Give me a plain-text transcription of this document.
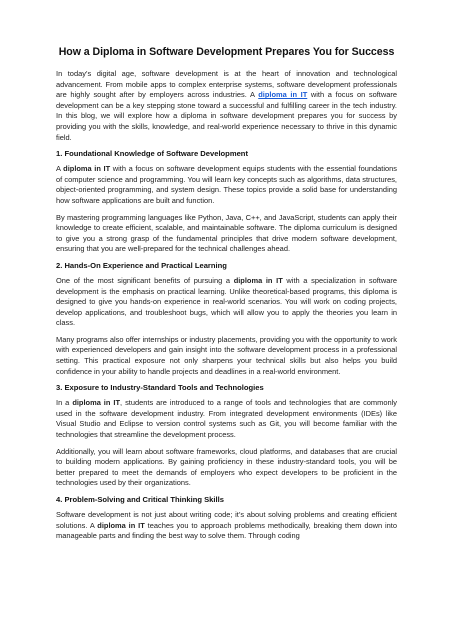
How a Diploma in Software Development Prepares You for Success

In today’s digital age, software development is at the heart of innovation and technological advancement. From mobile apps to complex enterprise systems, software development professionals are highly sought after by employers across industries. A diploma in IT with a focus on software development can be a key stepping stone toward a successful and fulfilling career in the tech industry. In this blog, we will explore how a diploma in software development prepares you for success by providing you with the skills, knowledge, and real-world experience necessary to thrive in this dynamic field.

1. Foundational Knowledge of Software Development

A diploma in IT with a focus on software development equips students with the essential foundations of computer science and programming. You will learn key concepts such as algorithms, data structures, object-oriented programming, and system design. These topics provide a solid base for understanding how software applications are built and function.

By mastering programming languages like Python, Java, C++, and JavaScript, students can apply their knowledge to create efficient, scalable, and maintainable software. The diploma curriculum is designed to give you a strong grasp of the fundamental principles that drive modern software development, ensuring that you are well-prepared for the technical challenges ahead.

2. Hands-On Experience and Practical Learning

One of the most significant benefits of pursuing a diploma in IT with a specialization in software development is the emphasis on practical learning. Unlike theoretical-based programs, this diploma is designed to give you hands-on experience in real-world scenarios. You will work on coding projects, develop applications, and troubleshoot bugs, which will allow you to apply the theories you learn in class.

Many programs also offer internships or industry placements, providing you with the opportunity to work with experienced developers and gain insight into the software development process in a professional setting. This practical exposure not only sharpens your technical skills but also helps you build confidence in your ability to handle projects and deadlines in a real-world environment.

3. Exposure to Industry-Standard Tools and Technologies

In a diploma in IT, students are introduced to a range of tools and technologies that are commonly used in the software development industry. From integrated development environments (IDEs) like Visual Studio and Eclipse to version control systems such as Git, you will become familiar with the technologies that streamline the development process.

Additionally, you will learn about software frameworks, cloud platforms, and databases that are crucial to building modern applications. By gaining proficiency in these industry-standard tools, you will be better prepared to meet the demands of employers who expect developers to be proficient in the technologies used by their organizations.

4. Problem-Solving and Critical Thinking Skills

Software development is not just about writing code; it’s about solving problems and creating efficient solutions. A diploma in IT teaches you to approach problems methodically, breaking them down into manageable parts and finding the best way to solve them. Through coding
